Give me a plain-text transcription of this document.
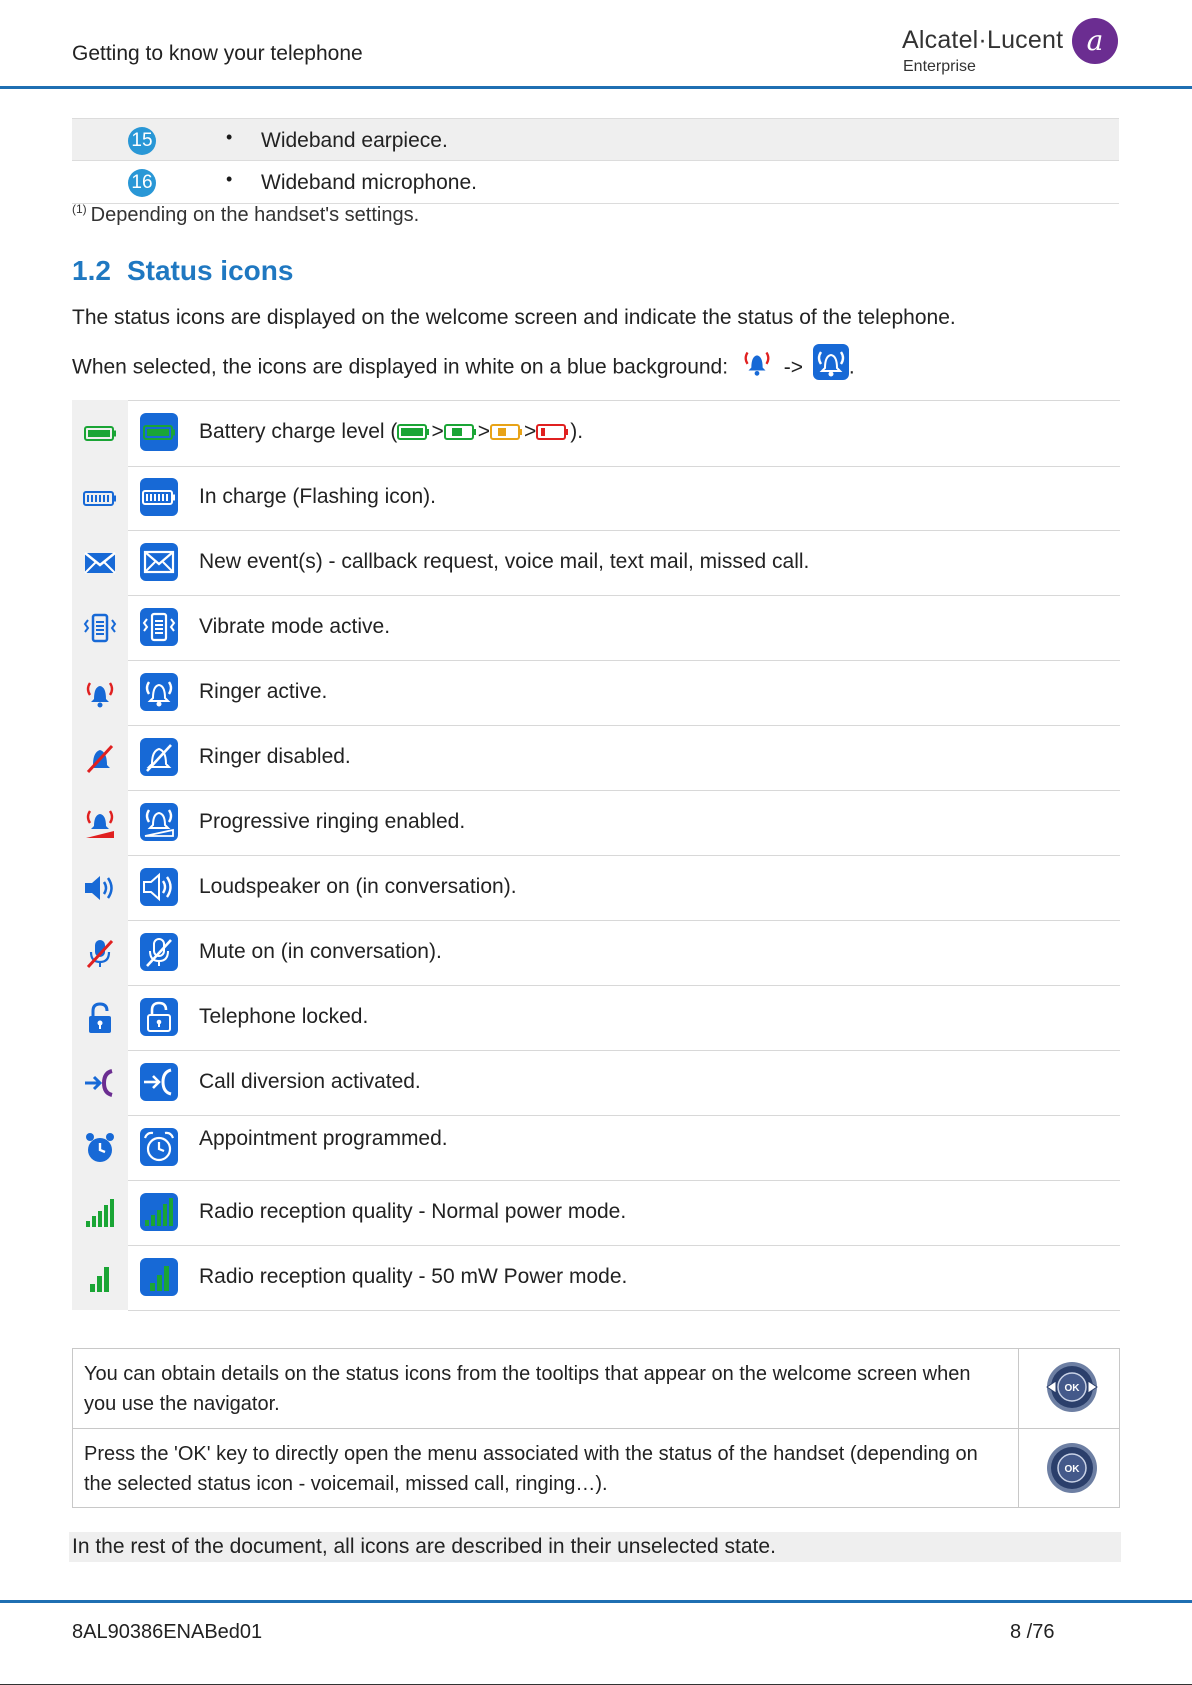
Getting to know your telephone	Alcatel·Lucent
Enterprise
a
15	• Wideband earpiece.
16	• Wideband microphone.
$^{(1)}$ Depending on the handset's settings.
1.2 Status icons
The status icons are displayed on the welcome screen and indicate the status of the telephone.
When selected, the icons are displayed in white on a blue background:	-> .
Battery charge level ( > > > ).
In charge (Flashing icon).
New event(s) - callback request, voice mail, text mail, missed call.
Vibrate mode active.
Ringer active.
Ringer disabled.
Progressive ringing enabled.
Loudspeaker on (in conversation).
Mute on (in conversation).
Telephone locked.
Call diversion activated.
Appointment programmed.
Radio reception quality - Normal power mode.
Radio reception quality - 50 mW Power mode.
You can obtain details on the status icons from the tooltips that appear on the welcome screen when you use the navigator.
OK
Press the 'OK' key to directly open the menu associated with the status of the handset (depending on the selected status icon - voicemail, missed call, ringing…).
OK
In the rest of the document, all icons are described in their unselected state.
8AL90386ENABed01	8 /76
